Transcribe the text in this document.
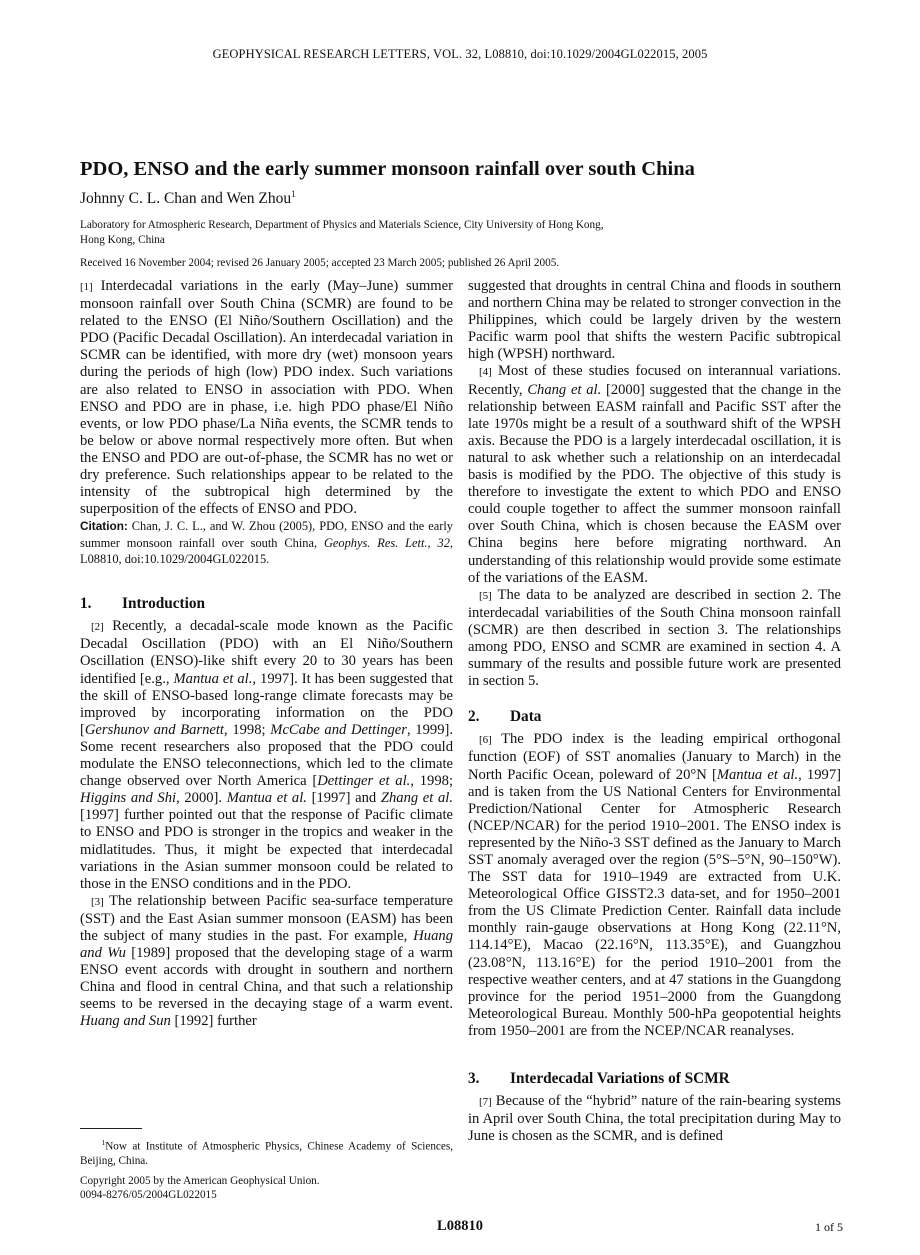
GEOPHYSICAL RESEARCH LETTERS, VOL. 32, L08810, doi:10.1029/2004GL022015, 2005
PDO, ENSO and the early summer monsoon rainfall over south China
Johnny C. L. Chan and Wen Zhou$^1$
Laboratory for Atmospheric Research, Department of Physics and Materials Science, City University of Hong Kong,
Hong Kong, China
Received 16 November 2004; revised 26 January 2005; accepted 23 March 2005; published 26 April 2005.

[1] Interdecadal variations in the early (May–June) summer monsoon rainfall over South China (SCMR) are found to be related to the ENSO (El Niño/Southern Oscillation) and the PDO (Pacific Decadal Oscillation). An interdecadal variation in SCMR can be identified, with more dry (wet) monsoon years during the periods of high (low) PDO index. Such variations are also related to ENSO in association with PDO. When ENSO and PDO are in phase, i.e. high PDO phase/El Niño events, or low PDO phase/La Niña events, the SCMR tends to be below or above normal respectively more often. But when the ENSO and PDO are out-of-phase, the SCMR has no wet or dry preference. Such relationships appear to be related to the intensity of the subtropical high determined by the superposition of the effects of ENSO and PDO.

Citation: Chan, J. C. L., and W. Zhou (2005), PDO, ENSO and the early summer monsoon rainfall over south China, Geophys. Res. Lett., 32, L08810, doi:10.1029/2004GL022015.

1. Introduction

[2] Recently, a decadal-scale mode known as the Pacific Decadal Oscillation (PDO) with an El Niño/Southern Oscillation (ENSO)-like shift every 20 to 30 years has been identified [e.g., Mantua et al., 1997]. It has been suggested that the skill of ENSO-based long-range climate forecasts may be improved by incorporating information on the PDO [Gershunov and Barnett, 1998; McCabe and Dettinger, 1999]. Some recent researchers also proposed that the PDO could modulate the ENSO teleconnections, which led to the climate change observed over North America [Dettinger et al., 1998; Higgins and Shi, 2000]. Mantua et al. [1997] and Zhang et al. [1997] further pointed out that the response of Pacific climate to ENSO and PDO is stronger in the tropics and weaker in the midlatitudes. Thus, it might be expected that interdecadal variations in the Asian summer monsoon could be related to those in the ENSO conditions and in the PDO.

[3] The relationship between Pacific sea-surface temperature (SST) and the East Asian summer monsoon (EASM) has been the subject of many studies in the past. For example, Huang and Wu [1989] proposed that the developing stage of a warm ENSO event accords with drought in southern and northern China and flood in central China, and that such a relationship seems to be reversed in the decaying stage of a warm event. Huang and Sun [1992] further

suggested that droughts in central China and floods in southern and northern China may be related to stronger convection in the Philippines, which could be largely driven by the western Pacific warm pool that shifts the western Pacific subtropical high (WPSH) northward.

[4] Most of these studies focused on interannual variations. Recently, Chang et al. [2000] suggested that the change in the relationship between EASM rainfall and Pacific SST after the late 1970s might be a result of a southward shift of the WPSH axis. Because the PDO is a largely interdecadal oscillation, it is natural to ask whether such a relationship on an interdecadal basis is modified by the PDO. The objective of this study is therefore to investigate the extent to which PDO and ENSO could couple together to affect the summer monsoon rainfall over South China, which is chosen because the EASM over China begins here before migrating northward. An understanding of this relationship would provide some estimate of the variations of the EASM.

[5] The data to be analyzed are described in section 2. The interdecadal variabilities of the South China monsoon rainfall (SCMR) are then described in section 3. The relationships among PDO, ENSO and SCMR are examined in section 4. A summary of the results and possible future work are presented in section 5.

2. Data

[6] The PDO index is the leading empirical orthogonal function (EOF) of SST anomalies (January to March) in the North Pacific Ocean, poleward of 20°N [Mantua et al., 1997] and is taken from the US National Centers for Environmental Prediction/National Center for Atmospheric Research (NCEP/NCAR) for the period 1910–2001. The ENSO index is represented by the Niño-3 SST defined as the January to March SST anomaly averaged over the region (5°S–5°N, 90–150°W). The SST data for 1910–1949 are extracted from U.K. Meteorological Office GISST2.3 data-set, and for 1950–2001 from the US Climate Prediction Center. Rainfall data include monthly rain-gauge observations at Hong Kong (22.11°N, 114.14°E), Macao (22.16°N, 113.35°E), and Guangzhou (23.08°N, 113.16°E) for the period 1910–2001 from the respective weather centers, and at 47 stations in the Guangdong province for the period 1951–2000 from the Guangdong Meteorological Bureau. Monthly 500-hPa geopotential heights from 1950–2001 are from the NCEP/NCAR reanalyses.

3. Interdecadal Variations of SCMR

[7] Because of the “hybrid” nature of the rain-bearing systems in April over South China, the total precipitation during May to June is chosen as the SCMR, and is defined

$^1$Now at Institute of Atmospheric Physics, Chinese Academy of Sciences, Beijing, China.
Copyright 2005 by the American Geophysical Union.
0094-8276/05/2004GL022015
L08810	1 of 5
